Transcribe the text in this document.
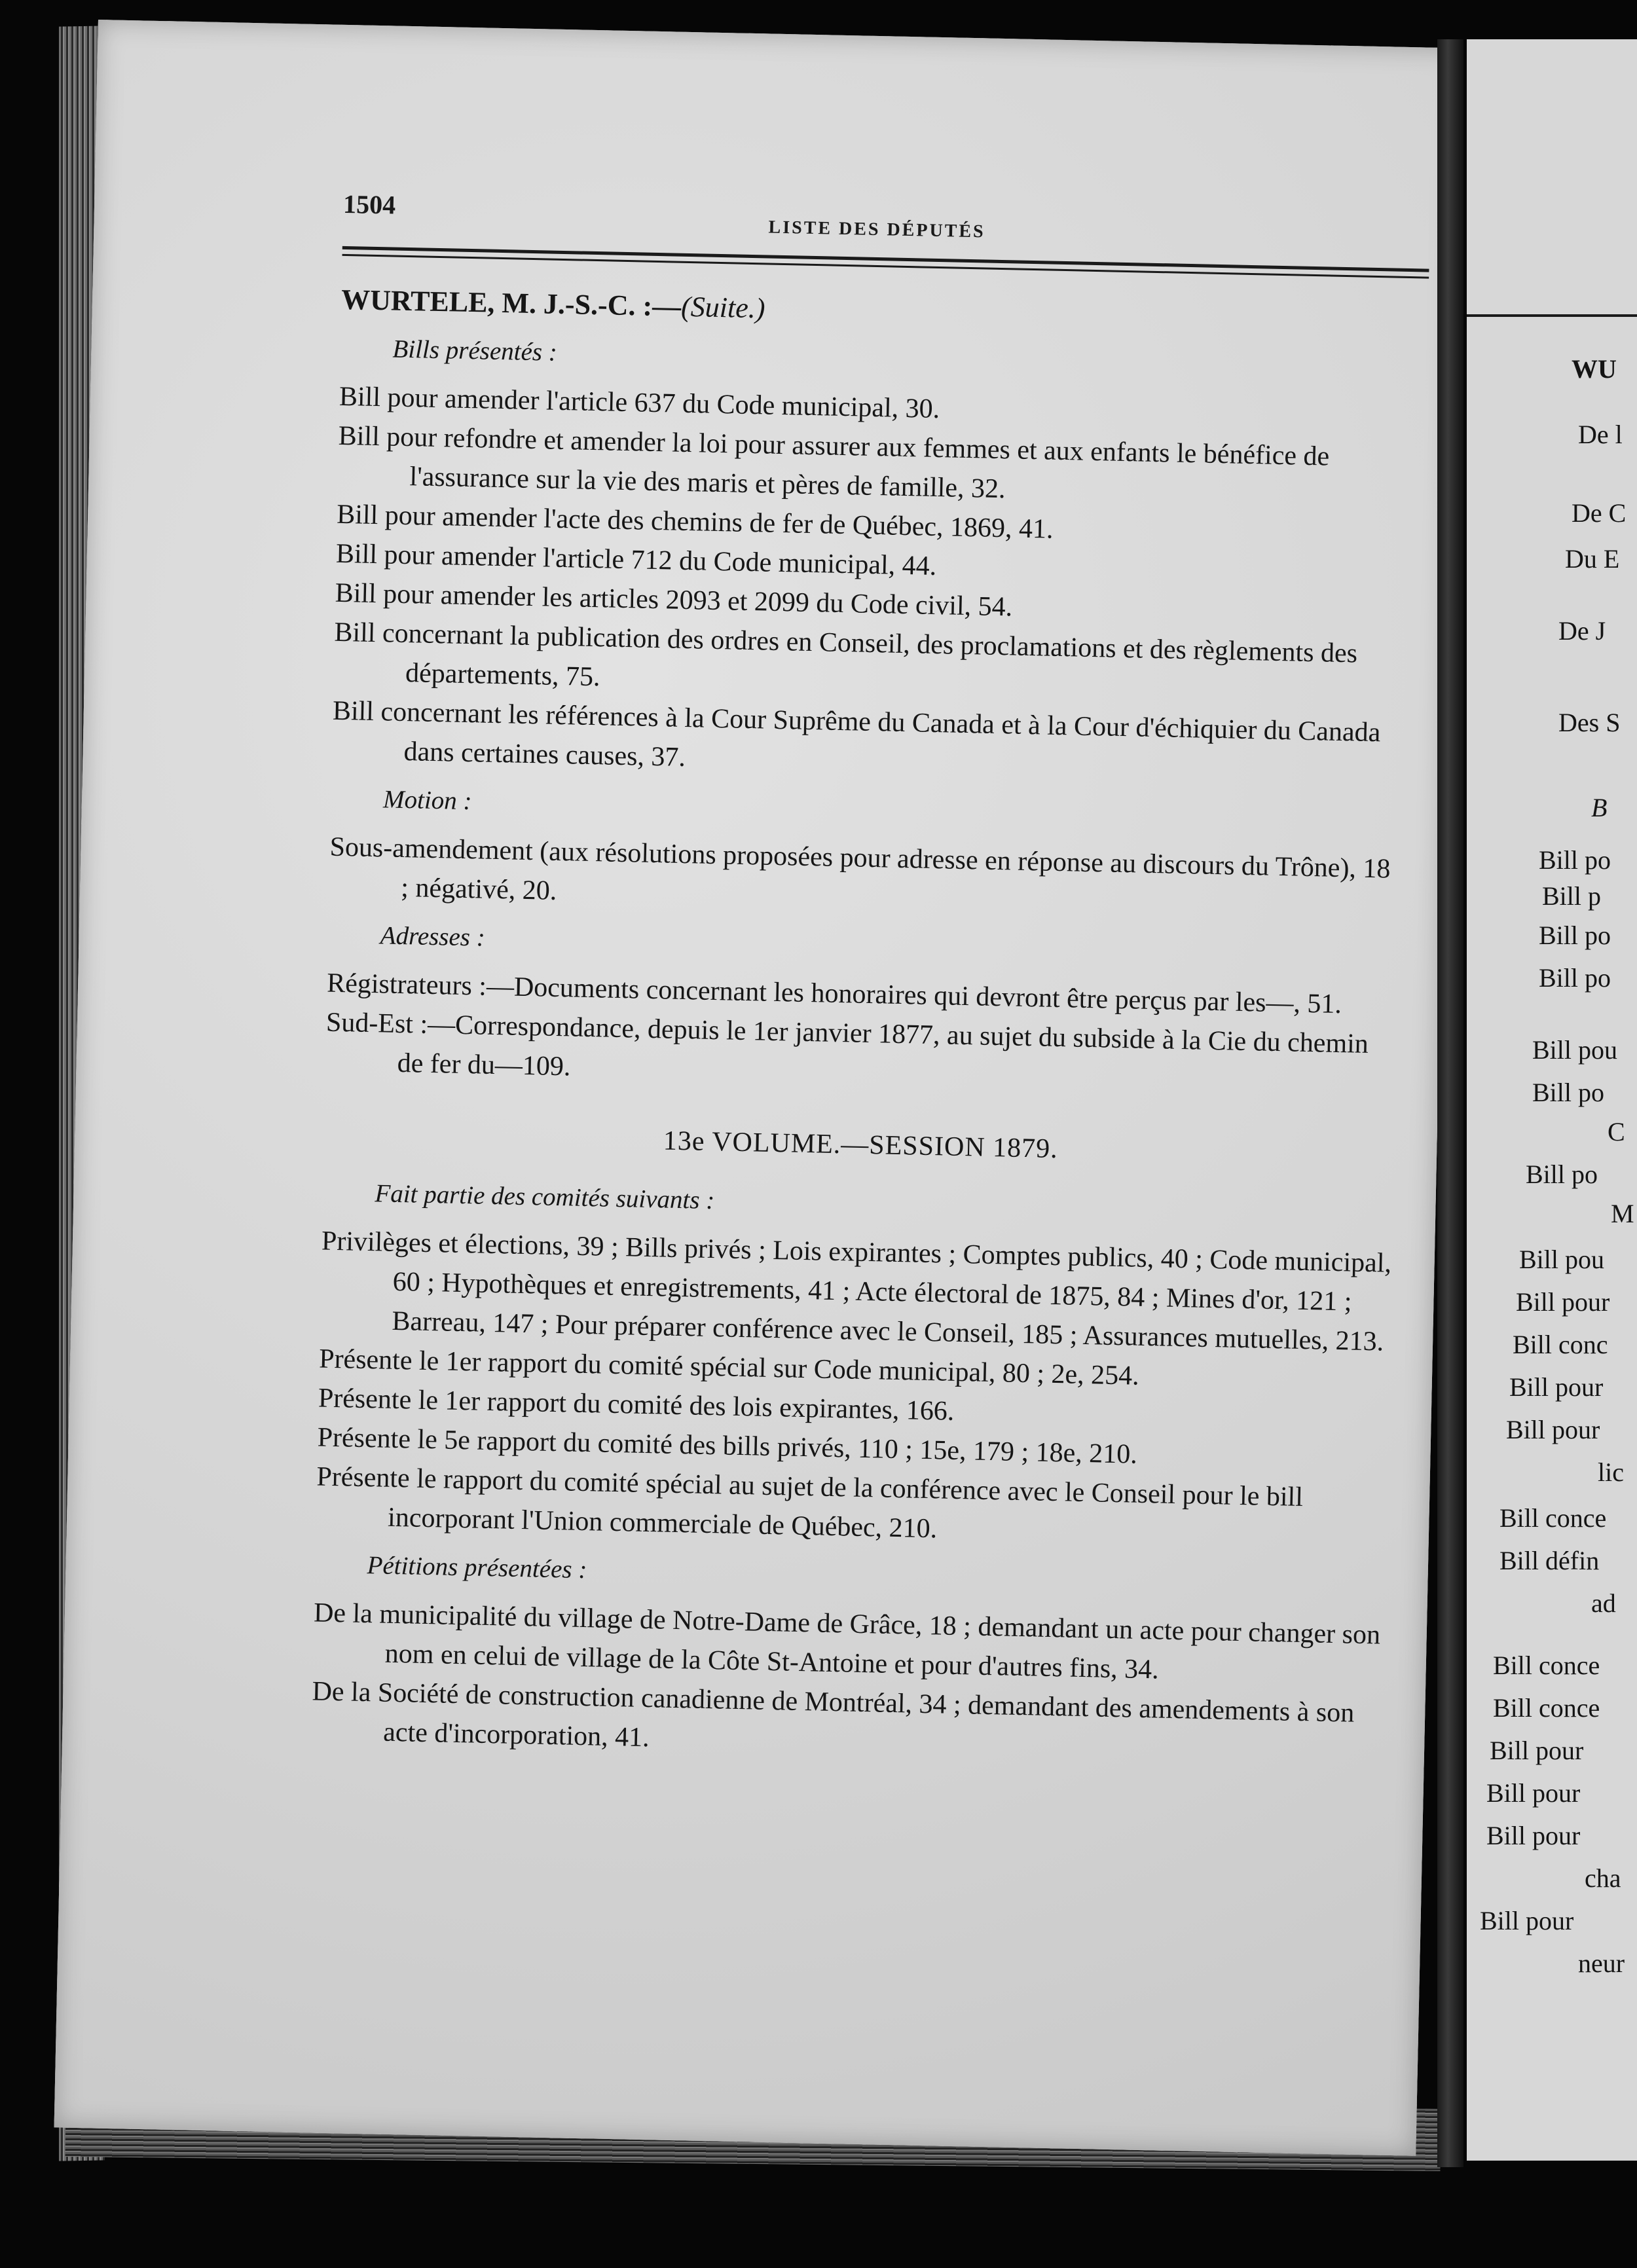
1504
LISTE DES DÉPUTÉS
WURTELE, M. J.-S.-C. :—(Suite.)
Bills présentés :

Bill pour amender l'article 637 du Code municipal, 30.

Bill pour refondre et amender la loi pour assurer aux femmes et aux enfants le bénéfice de l'assurance sur la vie des maris et pères de famille, 32.

Bill pour amender l'acte des chemins de fer de Québec, 1869, 41.

Bill pour amender l'article 712 du Code municipal, 44.

Bill pour amender les articles 2093 et 2099 du Code civil, 54.

Bill concernant la publication des ordres en Conseil, des proclamations et des règlements des départements, 75.

Bill concernant les références à la Cour Suprême du Canada et à la Cour d'échiquier du Canada dans certaines causes, 37.

Motion :

Sous-amendement (aux résolutions proposées pour adresse en réponse au discours du Trône), 18 ; négativé, 20.

Adresses :

Régistrateurs :—Documents concernant les honoraires qui devront être perçus par les—, 51.

Sud-Est :—Correspondance, depuis le 1er janvier 1877, au sujet du subside à la Cie du chemin de fer du—109.

13e VOLUME.—SESSION 1879.
Fait partie des comités suivants :

Privilèges et élections, 39 ; Bills privés ; Lois expirantes ; Comptes publics, 40 ; Code municipal, 60 ; Hypothèques et enregistrements, 41 ; Acte électoral de 1875, 84 ; Mines d'or, 121 ; Barreau, 147 ; Pour préparer conférence avec le Conseil, 185 ; Assurances mutuelles, 213.

Présente le 1er rapport du comité spécial sur Code municipal, 80 ; 2e, 254.

Présente le 1er rapport du comité des lois expirantes, 166.

Présente le 5e rapport du comité des bills privés, 110 ; 15e, 179 ; 18e, 210.

Présente le rapport du comité spécial au sujet de la conférence avec le Conseil pour le bill incorporant l'Union commerciale de Québec, 210.

Pétitions présentées :

De la municipalité du village de Notre-Dame de Grâce, 18 ; demandant un acte pour changer son nom en celui de village de la Côte St-Antoine et pour d'autres fins, 34.

De la Société de construction canadienne de Montréal, 34 ; demandant des amendements à son acte d'incorporation, 41.

WU
De l
De C
Du E
De J
Des S
B
Bill po
Bill p
Bill po
Bill po
Bill pou
Bill po
C
Bill po
M
Bill pou
Bill pour
Bill conc
Bill pour
Bill pour
lic
Bill conce
Bill défin
ad
Bill conce
Bill conce
Bill pour
Bill pour
Bill pour
cha
Bill pour
neur
